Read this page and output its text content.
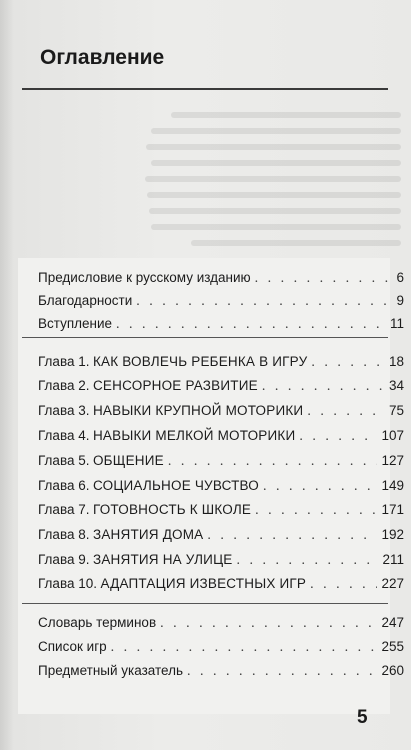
Оглавление
Предисловие к русскому изданию . . .	6
Благодарности . . .	9
Вступление . . .	11
Глава 1. КАК ВОВЛЕЧЬ РЕБЕНКА В ИГРУ . . .	18
Глава 2. СЕНСОРНОЕ РАЗВИТИЕ . . .	34
Глава 3. НАВЫКИ КРУПНОЙ МОТОРИКИ . . .	75
Глава 4. НАВЫКИ МЕЛКОЙ МОТОРИКИ . . .	107
Глава 5. ОБЩЕНИЕ . . .	127
Глава 6. СОЦИАЛЬНОЕ ЧУВСТВО . . .	149
Глава 7. ГОТОВНОСТЬ К ШКОЛЕ . . .	171
Глава 8. ЗАНЯТИЯ ДОМА . . .	192
Глава 9. ЗАНЯТИЯ НА УЛИЦЕ . . .	211
Глава 10. АДАПТАЦИЯ ИЗВЕСТНЫХ ИГР . . .	227
Словарь терминов . . .	247
Список игр . . .	255
Предметный указатель . . .	260
5
